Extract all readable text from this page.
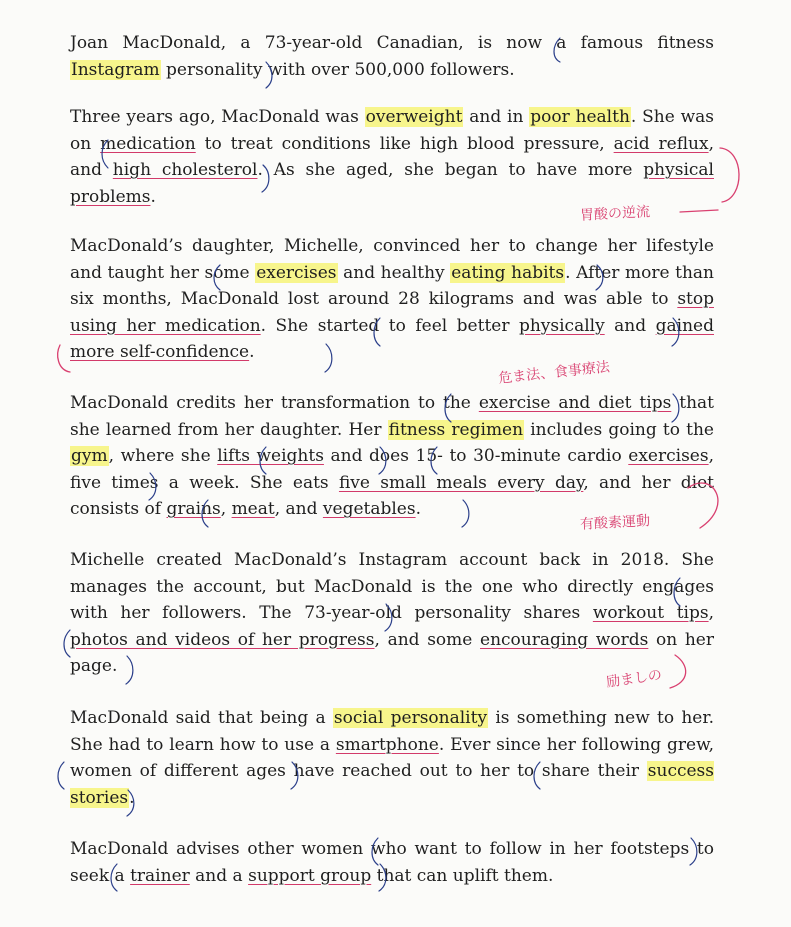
Joan MacDonald, a 73-year-old Canadian, is now a famous fitness Instagram personality with over 500,000 followers.

Three years ago, MacDonald was overweight and in poor health. She was on medication to treat conditions like high blood pressure, acid reflux, and high cholesterol. As she aged, she began to have more physical problems.

MacDonald’s daughter, Michelle, convinced her to change her lifestyle and taught her some exercises and healthy eating habits. After more than six months, MacDonald lost around 28 kilograms and was able to stop using her medication. She started to feel better physically and gained more self-confidence.

MacDonald credits her transformation to the exercise and diet tips that she learned from her daughter. Her fitness regimen includes going to the gym, where she lifts weights and does 15- to 30-minute cardio exercises, five times a week. She eats five small meals every day, and her diet consists of grains, meat, and vegetables.

Michelle created MacDonald’s Instagram account back in 2018. She manages the account, but MacDonald is the one who directly engages with her followers. The 73-year-old personality shares workout tips, photos and videos of her progress, and some encouraging words on her page.

MacDonald said that being a social personality is something new to her. She had to learn how to use a smartphone. Ever since her following grew, women of different ages have reached out to her to share their success stories.

MacDonald advises other women who want to follow in her footsteps to seek a trainer and a support group that can uplift them.

胃酸の逆流
危ま法、食事療法
有酸素運動
励ましの
